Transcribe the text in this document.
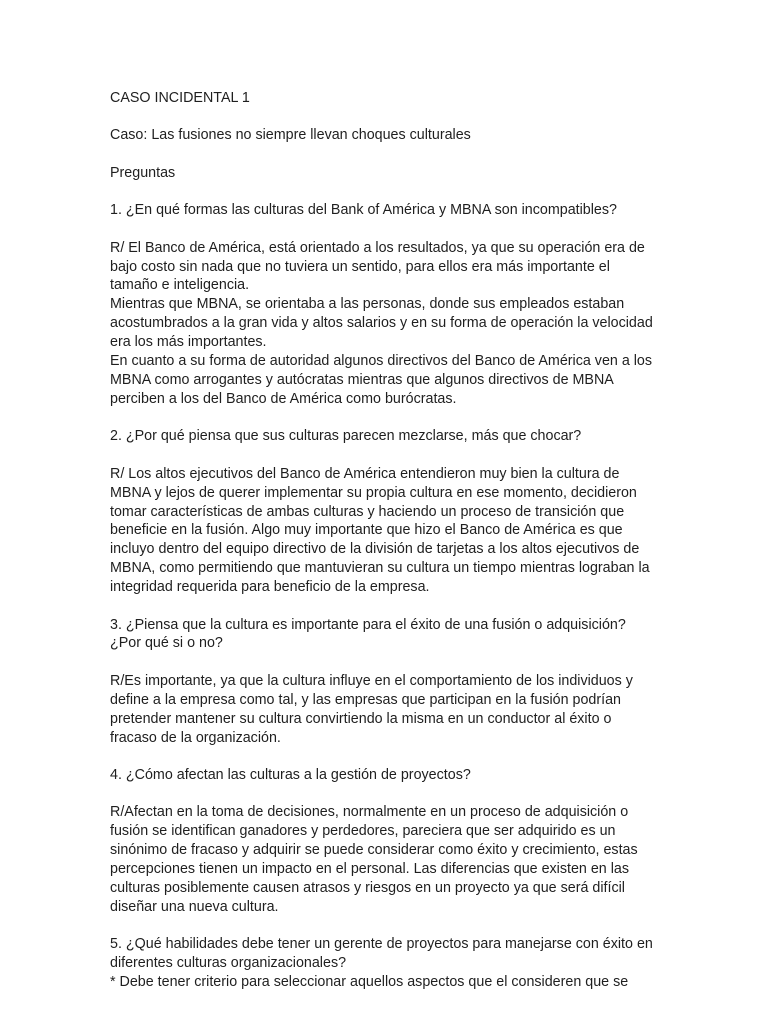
CASO INCIDENTAL 1

Caso: Las fusiones no siempre llevan choques culturales

Preguntas

1. ¿En qué formas las culturas del Bank of América y MBNA son incompatibles?

R/ El Banco de América, está orientado a los resultados, ya que su operación era de bajo costo sin nada que no tuviera un sentido, para ellos era más importante el tamaño e inteligencia.

Mientras que MBNA, se orientaba a las personas, donde sus empleados estaban acostumbrados a la gran vida y altos salarios y en su forma de operación la velocidad era los más importantes.

En cuanto a su forma de autoridad algunos directivos del Banco de América ven a los MBNA como arrogantes y autócratas mientras que algunos directivos de MBNA perciben a los del Banco de América como burócratas.

2. ¿Por qué piensa que sus culturas parecen mezclarse, más que chocar?

R/ Los altos ejecutivos del Banco de América entendieron muy bien la cultura de MBNA y lejos de querer implementar su propia cultura en ese momento, decidieron tomar características de ambas culturas y haciendo un proceso de transición que beneficie en la fusión. Algo muy importante que hizo el Banco de América es que incluyo dentro del equipo directivo de la división de tarjetas a los altos ejecutivos de MBNA, como permitiendo que mantuvieran su cultura un tiempo mientras lograban la integridad requerida para beneficio de la empresa.

3. ¿Piensa que la cultura es importante para el éxito de una fusión o adquisición? ¿Por qué si o no?

R/Es importante, ya que la cultura influye en el comportamiento de los individuos y define a la empresa como tal, y las empresas que participan en la fusión podrían pretender mantener su cultura convirtiendo la misma en un conductor al éxito o fracaso de la organización.

4. ¿Cómo afectan las culturas a la gestión de proyectos?

R/Afectan en la toma de decisiones, normalmente en un proceso de adquisición o fusión se identifican ganadores y perdedores, pareciera que ser adquirido es un sinónimo de fracaso y adquirir se puede considerar como éxito y crecimiento, estas percepciones tienen un impacto en el personal. Las diferencias que existen en las culturas posiblemente causen atrasos y riesgos en un proyecto ya que será difícil diseñar una nueva cultura.

5. ¿Qué habilidades debe tener un gerente de proyectos para manejarse con éxito en diferentes culturas organizacionales?

* Debe tener criterio para seleccionar aquellos aspectos que el consideren que se
